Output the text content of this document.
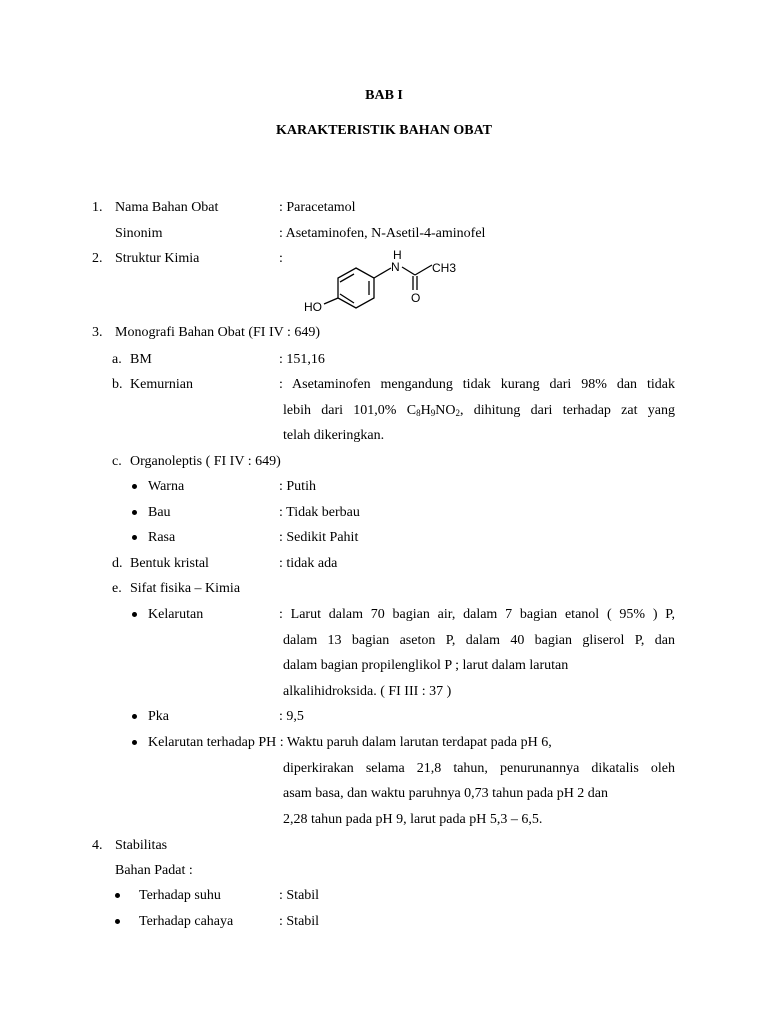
BAB I
KARAKTERISTIK BAHAN OBAT
1. Nama Bahan Obat	: Paracetamol
Sinonim	: Asetaminofen, N-Asetil-4-aminofel
2. Struktur Kimia	:	H
N	CH3
O
HO
3. Monografi Bahan Obat (FI IV : 649)
a. BM	: 151,16
b. Kemurnian	: Asetaminofen mengandung tidak kurang dari 98% dan tidak
lebih dari 101,0% $C_8H_9NO_2$, dihitung dari terhadap zat yang
telah dikeringkan.
c. Organoleptis ( FI IV : 649)
Warna	: Putih
Bau	: Tidak berbau
Rasa	: Sedikit Pahit
d. Bentuk kristal	: tidak ada
e. Sifat fisika – Kimia
Kelarutan	: Larut dalam 70 bagian air, dalam 7 bagian etanol ( 95% ) P,
dalam 13 bagian aseton P, dalam 40 bagian gliserol P, dan
dalam bagian propilenglikol P ; larut dalam larutan
alkalihidroksida. ( FI III : 37 )
Pka	: 9,5
Kelarutan terhadap PH : Waktu paruh dalam larutan terdapat pada pH 6,
diperkirakan selama 21,8 tahun, penurunannya dikatalis oleh
asam basa, dan waktu paruhnya 0,73 tahun pada pH 2 dan
2,28 tahun pada pH 9, larut pada pH 5,3 – 6,5.
4. Stabilitas
Bahan Padat :
Terhadap suhu	: Stabil
Terhadap cahaya	: Stabil
